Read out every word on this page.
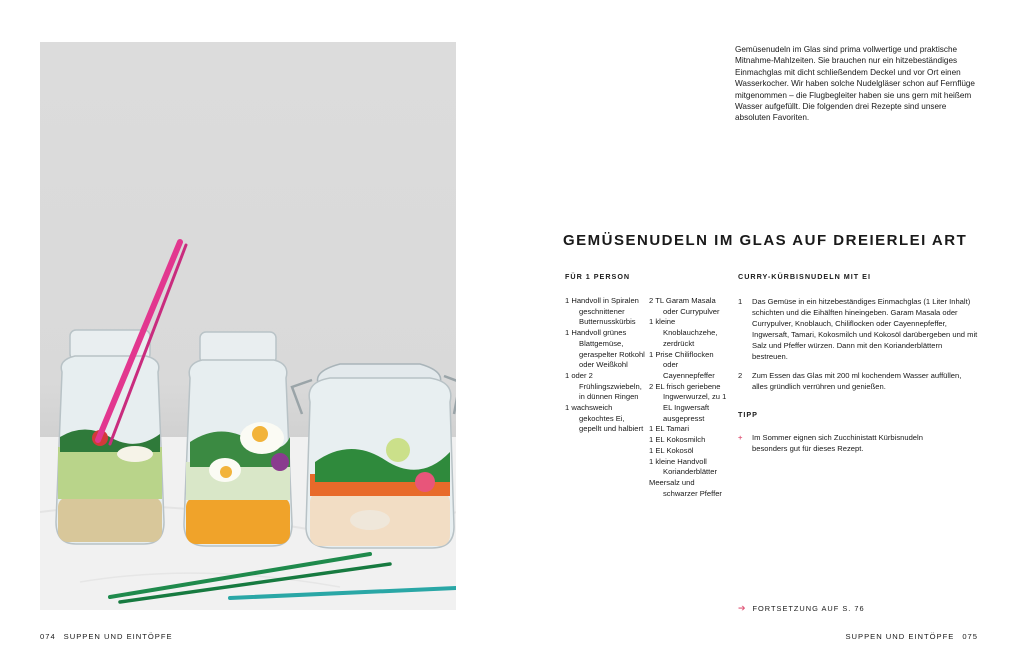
Gemüsenudeln im Glas sind prima vollwertige und praktische Mitnahme-Mahlzeiten. Sie brauchen nur ein hitzebeständiges Einmachglas mit dicht schließendem Deckel und vor Ort einen Wasserkocher. Wir haben solche Nudelgläser schon auf Fernflüge mitgenommen – die Flugbegleiter haben sie uns gern mit heißem Wasser aufgefüllt. Die folgenden drei Rezepte sind unsere absoluten Favoriten.

GEMÜSENUDELN IM GLAS AUF DREIERLEI ART

FÜR 1 PERSON	CURRY-KÜRBISNUDELN MIT EI

1 Handvoll in Spiralen geschnittener Butternusskürbis
1 Handvoll grünes Blattgemüse, geraspelter Rotkohl oder Weißkohl
1 oder 2 Frühlingszwiebeln, in dünnen Ringen
1 wachsweich gekochtes Ei, gepellt und halbiert
2 TL Garam Masala oder Currypulver
1 kleine Knoblauchzehe, zerdrückt
1 Prise Chiliflocken oder Cayennepfeffer
2 EL frisch geriebene Ingwerwurzel, zu 1 EL Ingwersaft ausgepresst
1 EL Tamari
1 EL Kokosmilch
1 EL Kokosöl
1 kleine Handvoll Korianderblätter
Meersalz und schwarzer Pfeffer
1	Das Gemüse in ein hitzebeständiges Einmachglas (1 Liter Inhalt) schichten und die Eihälften hineingeben. Garam Masala oder Currypulver, Knoblauch, Chiliflocken oder Cayennepfeffer, Ingwersaft, Tamari, Kokosmilch und Kokosöl darübergeben und mit Salz und Pfeffer würzen. Dann mit den Korianderblättern bestreuen.
2	Zum Essen das Glas mit 200 ml kochendem Wasser auffüllen, alles gründlich verrühren und genießen.

TIPP

+	Im Sommer eignen sich Zucchinistatt Kürbisnudeln besonders gut für dieses Rezept.
➔ FORTSETZUNG AUF S. 76
074 SUPPEN UND EINTÖPFE	SUPPEN UND EINTÖPFE 075
